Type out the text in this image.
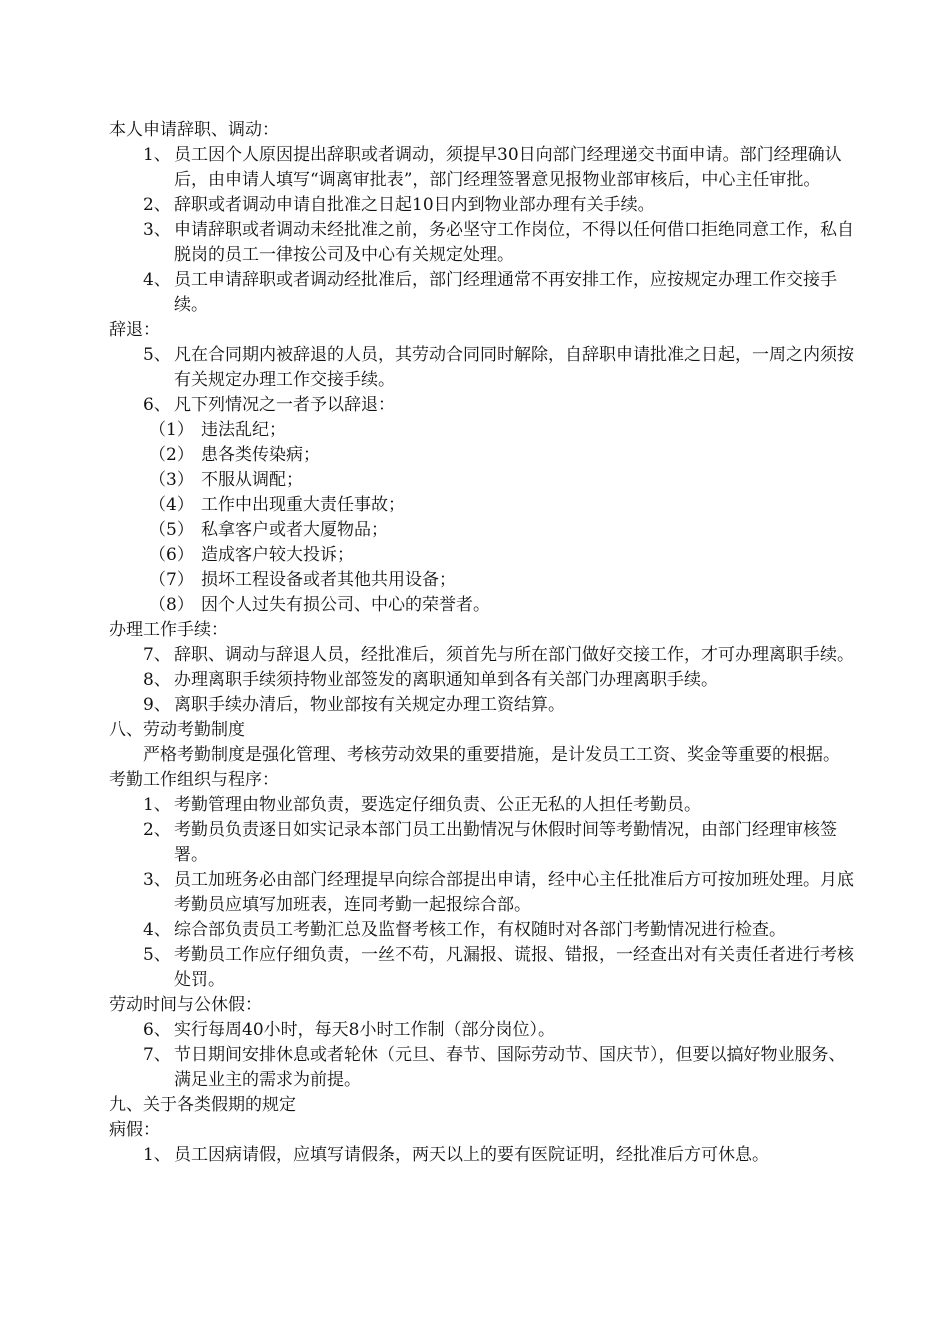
本人申请辞职、调动：
1、 员工因个人原因提出辞职或者调动，须提早30日向部门经理递交书面申请。部门经理确认后，由申请人填写“调离审批表”，部门经理签署意见报物业部审核后，中心主任审批。
2、 辞职或者调动申请自批准之日起10日内到物业部办理有关手续。
3、 申请辞职或者调动未经批准之前，务必坚守工作岗位，不得以任何借口拒绝同意工作，私自脱岗的员工一律按公司及中心有关规定处理。
4、 员工申请辞职或者调动经批准后，部门经理通常不再安排工作，应按规定办理工作交接手续。
辞退：
5、 凡在合同期内被辞退的人员，其劳动合同同时解除，自辞职申请批准之日起，一周之内须按有关规定办理工作交接手续。
6、 凡下列情况之一者予以辞退：
（1） 违法乱纪；
（2） 患各类传染病；
（3） 不服从调配；
（4） 工作中出现重大责任事故；
（5） 私拿客户或者大厦物品；
（6） 造成客户较大投诉；
（7） 损坏工程设备或者其他共用设备；
（8） 因个人过失有损公司、中心的荣誉者。
办理工作手续：
7、 辞职、调动与辞退人员，经批准后，须首先与所在部门做好交接工作，才可办理离职手续。
8、 办理离职手续须持物业部签发的离职通知单到各有关部门办理离职手续。
9、 离职手续办清后，物业部按有关规定办理工资结算。
八、劳动考勤制度
严格考勤制度是强化管理、考核劳动效果的重要措施，是计发员工工资、奖金等重要的根据。
考勤工作组织与程序：
1、 考勤管理由物业部负责，要选定仔细负责、公正无私的人担任考勤员。
2、 考勤员负责逐日如实记录本部门员工出勤情况与休假时间等考勤情况，由部门经理审核签署。
3、 员工加班务必由部门经理提早向综合部提出申请，经中心主任批准后方可按加班处理。月底考勤员应填写加班表，连同考勤一起报综合部。
4、 综合部负责员工考勤汇总及监督考核工作，有权随时对各部门考勤情况进行检查。
5、 考勤员工作应仔细负责，一丝不苟，凡漏报、谎报、错报，一经查出对有关责任者进行考核处罚。
劳动时间与公休假：
6、 实行每周40小时，每天8小时工作制（部分岗位）。
7、 节日期间安排休息或者轮休（元旦、春节、国际劳动节、国庆节），但要以搞好物业服务、满足业主的需求为前提。
九、关于各类假期的规定
病假：
1、 员工因病请假，应填写请假条，两天以上的要有医院证明，经批准后方可休息。
